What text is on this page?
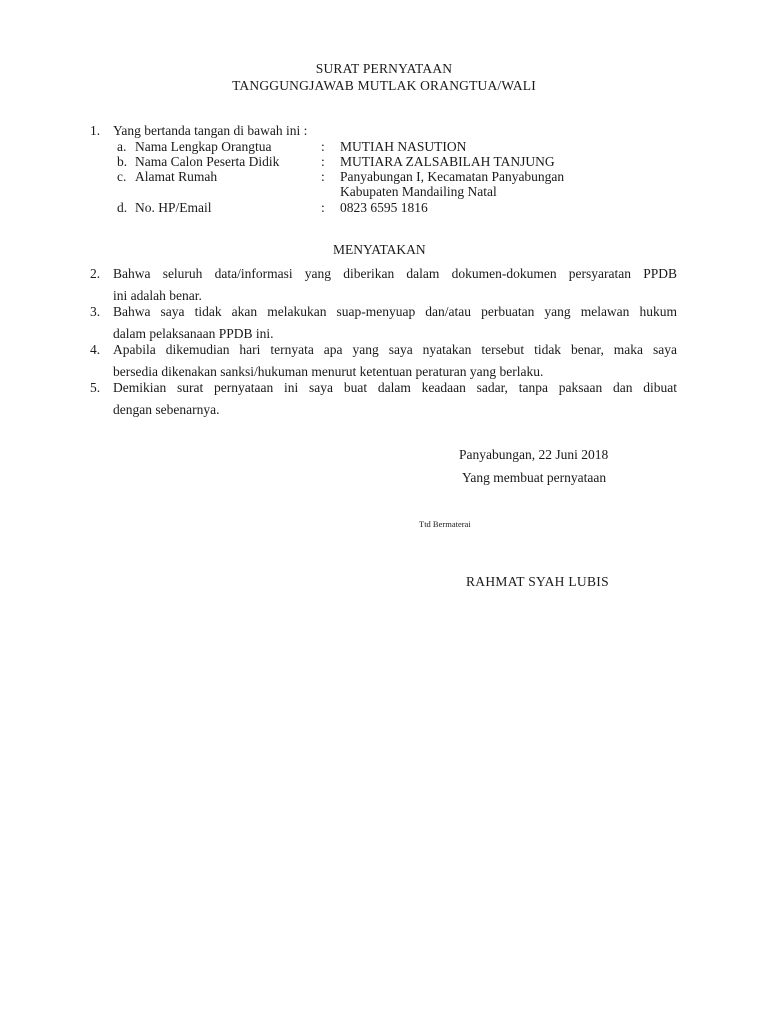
SURAT PERNYATAAN
TANGGUNGJAWAB MUTLAK ORANGTUA/WALI
1. Yang bertanda tangan di bawah ini :
a. Nama Lengkap Orangtua	: MUTIAH NASUTION
b. Nama Calon Peserta Didik	: MUTIARA ZALSABILAH TANJUNG
c. Alamat Rumah	: Panyabungan I, Kecamatan Panyabungan
Kabupaten Mandailing Natal
d. No. HP/Email	: 0823 6595 1816
MENYATAKAN
2. Bahwa seluruh data/informasi yang diberikan dalam dokumen-dokumen persyaratan PPDB
ini adalah benar.
3. Bahwa saya tidak akan melakukan suap-menyuap dan/atau perbuatan yang melawan hukum
dalam pelaksanaan PPDB ini.
4. Apabila dikemudian hari ternyata apa yang saya nyatakan tersebut tidak benar, maka saya
bersedia dikenakan sanksi/hukuman menurut ketentuan peraturan yang berlaku.
5. Demikian surat pernyataan ini saya buat dalam keadaan sadar, tanpa paksaan dan dibuat
dengan sebenarnya.
Panyabungan, 22 Juni 2018
Yang membuat pernyataan
Ttd Bermaterai
RAHMAT SYAH LUBIS
